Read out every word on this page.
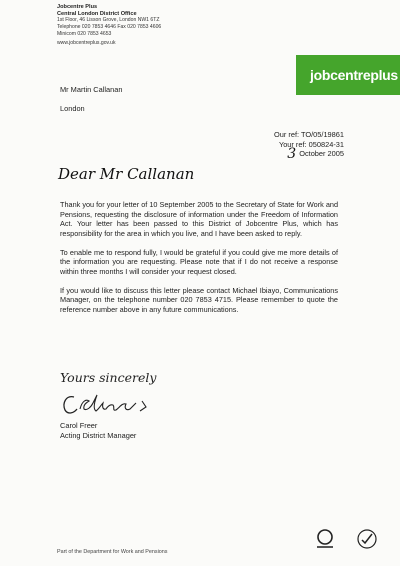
Jobcentre Plus
Central London District Office
1st Floor, 46 Lisson Grove, London NW1 6TZ
Telephone 020 7853 4646 Fax 020 7853 4606
Minicom 020 7853 4653
www.jobcentreplus.gov.uk
jobcentreplus
Mr Martin Callanan
London
Our ref: TO/05/19861
Your ref: 050824-31
3 October 2005
Dear Mr Callanan

Thank you for your letter of 10 September 2005 to the Secretary of State for Work and Pensions, requesting the disclosure of information under the Freedom of Information Act. Your letter has been passed to this District of Jobcentre Plus, which has responsibility for the area in which you live, and I have been asked to reply.

To enable me to respond fully, I would be grateful if you could give me more details of the information you are requesting. Please note that if I do not receive a response within three months I will consider your request closed.

If you would like to discuss this letter please contact Michael Ibiayo, Communications Manager, on the telephone number 020 7853 4715. Please remember to quote the reference number above in any future communications.

Yours sincerely
Carol Freer
Acting District Manager
Part of the Department for Work and Pensions
